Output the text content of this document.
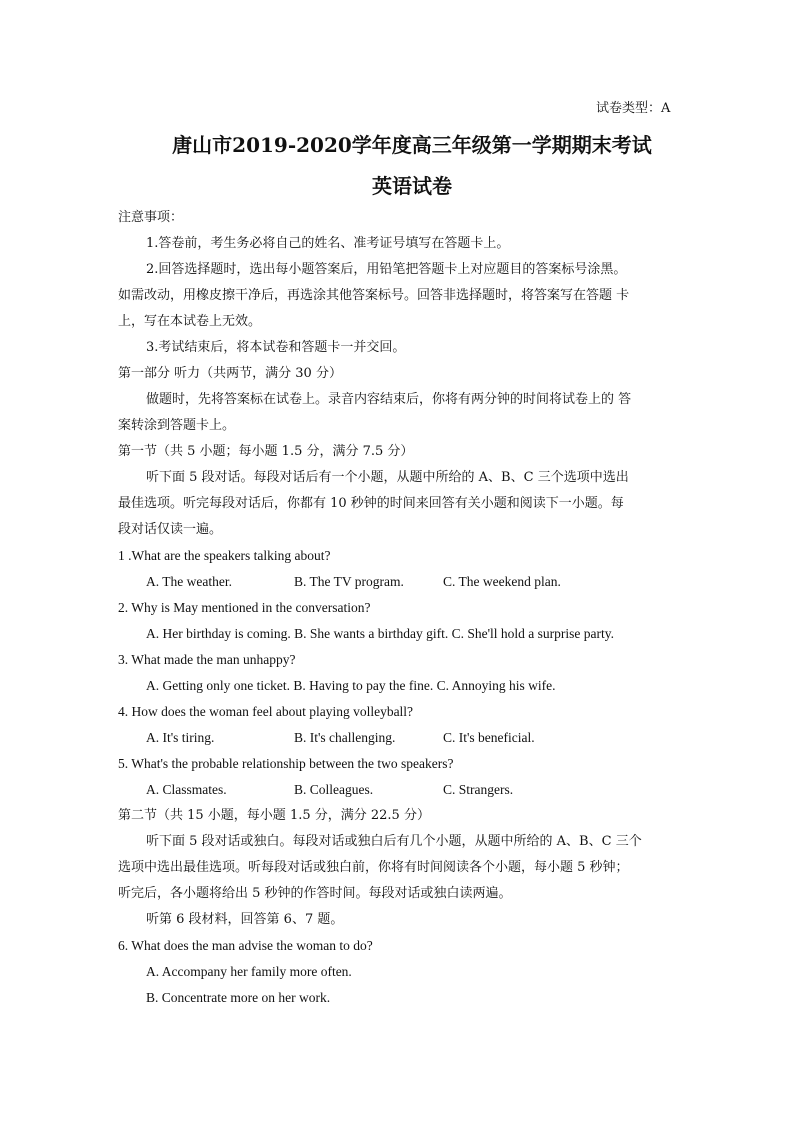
试卷类型：A
唐山市2019-2020学年度高三年级第一学期期末考试
英语试卷
注意事项：
1.答卷前，考生务必将自己的姓名、准考证号填写在答题卡上。
2.回答选择题时，选出每小题答案后，用铅笔把答题卡上对应题目的答案标号涂黑。
如需改动，用橡皮擦干净后，再选涂其他答案标号。回答非选择题时，将答案写在答题 卡
上，写在本试卷上无效。
3.考试结束后，将本试卷和答题卡一并交回。
第一部分 听力（共两节，满分 30 分）
做题时，先将答案标在试卷上。录音内容结束后，你将有两分钟的时间将试卷上的 答
案转涂到答题卡上。
第一节（共 5 小题；每小题 1.5 分，满分 7.5 分）
听下面 5 段对话。每段对话后有一个小题，从题中所给的 A、B、C 三个选项中选出
最佳选项。听完每段对话后，你都有 10 秒钟的时间来回答有关小题和阅读下一小题。每
段对话仅读一遍。
1 .What are the speakers talking about?
A. The weather.	B. The TV program.	C. The weekend plan.
2. Why is May mentioned in the conversation?
A. Her birthday is coming. B. She wants a birthday gift. C. She'll hold a surprise party.
3. What made the man unhappy?
A. Getting only one ticket. B. Having to pay the fine. C. Annoying his wife.
4. How does the woman feel about playing volleyball?
A. It's tiring.	B. It's challenging.	C. It's beneficial.
5. What's the probable relationship between the two speakers?
A. Classmates.	B. Colleagues.	C. Strangers.
第二节（共 15 小题，每小题 1.5 分，满分 22.5 分）
听下面 5 段对话或独白。每段对话或独白后有几个小题，从题中所给的 A、B、C 三个
选项中选出最佳选项。听每段对话或独白前，你将有时间阅读各个小题，每小题 5 秒钟；
听完后，各小题将给出 5 秒钟的作答时间。每段对话或独白读两遍。
听第 6 段材料，回答第 6、7 题。
6. What does the man advise the woman to do?
A. Accompany her family more often.
B. Concentrate more on her work.
